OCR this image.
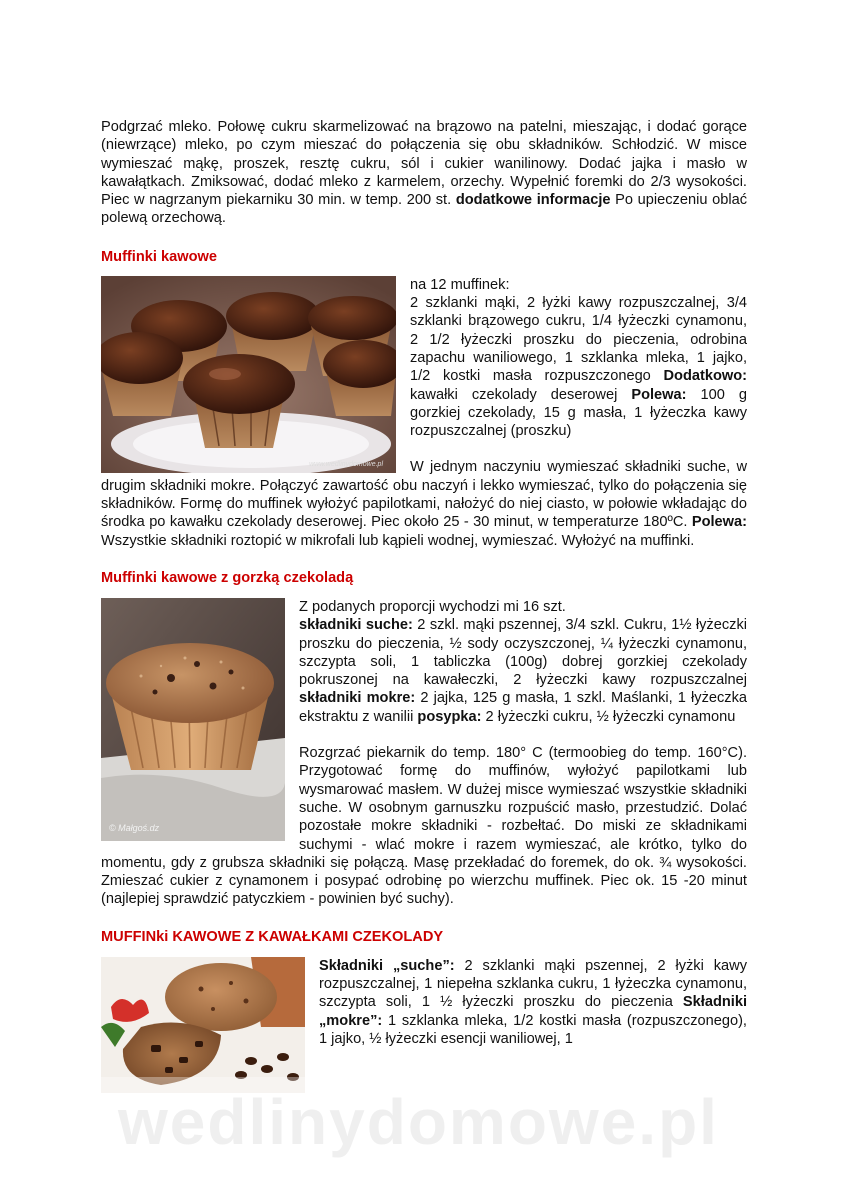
Podgrzać mleko. Połowę cukru skarmelizować na brązowo na patelni, mieszając, i dodać gorące (niewrzące) mleko, po czym mieszać do połączenia się obu składników. Schłodzić. W misce wymieszać mąkę, proszek, resztę cukru, sól i cukier wanilinowy. Dodać jajka i masło w kawałątkach. Zmiksować, dodać mleko z karmelem, orzechy. Wypełnić foremki do 2/3 wysokości. Piec w nagrzanym piekarniku 30 min. w temp. 200 st. dodatkowe informacje Po upieczeniu oblać polewą orzechową.

Muffinki kawowe
www.wedlinydomowe.pl

na 12 muffinek:

2 szklanki mąki, 2 łyżki kawy rozpuszczalnej, 3/4 szklanki brązowego cukru, 1/4 łyżeczki cynamonu, 2 1/2 łyżeczki proszku do pieczenia, odrobina zapachu waniliowego, 1 szklanka mleka, 1 jajko, 1/2 kostki masła rozpuszczonego Dodatkowo: kawałki czekolady deserowej Polewa: 100 g gorzkiej czekolady, 15 g masła, 1 łyżeczka kawy rozpuszczalnej (proszku)

W jednym naczyniu wymieszać składniki suche, w drugim składniki mokre. Połączyć zawartość obu naczyń i lekko wymieszać, tylko do połączenia się składników. Formę do muffinek wyłożyć papilotkami, nałożyć do niej ciasto, w połowie wkładając do środka po kawałku czekolady deserowej. Piec około 25 - 30 minut, w temperaturze 180ºC. Polewa: Wszystkie składniki roztopić w mikrofali lub kąpieli wodnej, wymieszać. Wyłożyć na muffinki.

Muffinki kawowe z gorzką czekoladą
© Małgoś.dz

Z podanych proporcji wychodzi mi 16 szt.

składniki suche: 2 szkl. mąki pszennej, 3/4 szkl. Cukru, 1½ łyżeczki proszku do pieczenia, ½ sody oczyszczonej, ¼ łyżeczki cynamonu, szczypta soli, 1 tabliczka (100g) dobrej gorzkiej czekolady pokruszonej na kawałeczki, 2 łyżeczki kawy rozpuszczalnej składniki mokre: 2 jajka, 125 g masła, 1 szkl. Maślanki, 1 łyżeczka ekstraktu z wanilii posypka: 2 łyżeczki cukru, ½ łyżeczki cynamonu

Rozgrzać piekarnik do temp. 180° C (termoobieg do temp. 160°C). Przygotować formę do muffinów, wyłożyć papilotkami lub wysmarować masłem. W dużej misce wymieszać wszystkie składniki suche. W osobnym garnuszku rozpuścić masło, przestudzić. Dolać pozostałe mokre składniki - rozbełtać. Do miski ze składnikami suchymi - wlać mokre i razem wymieszać, ale krótko, tylko do momentu, gdy z grubsza składniki się połączą. Masę przekładać do foremek, do ok. ¾ wysokości. Zmieszać cukier z cynamonem i posypać odrobinę po wierzchu muffinek. Piec ok. 15 -20 minut (najlepiej sprawdzić patyczkiem - powinien być suchy).

MUFFINki KAWOWE Z KAWAŁKAMI CZEKOLADY

Składniki „suche”: 2 szklanki mąki pszennej, 2 łyżki kawy rozpuszczalnej, 1 niepełna szklanka cukru, 1 łyżeczka cynamonu, szczypta soli, 1 ½ łyżeczki proszku do pieczenia Składniki „mokre”: 1 szklanka mleka, 1/2 kostki masła (rozpuszczonego), 1 jajko, ½ łyżeczki esencji waniliowej, 1

wedlinydomowe.pl
